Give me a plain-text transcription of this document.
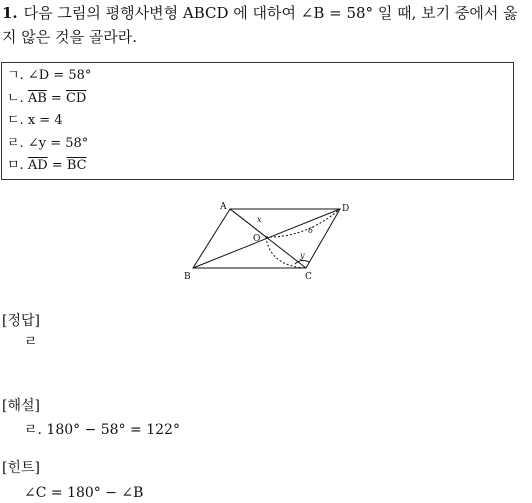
1. 다음 그림의 평행사변형 ABCD 에 대하여 ∠B = 58° 일 때, 보기 중에서 옳지 않은 것을 골라라.
ㄱ. ∠D = 58°
ㄴ. $\overline{AB} = \overline{CD}$
ㄷ. x = 4
ㄹ. ∠y = 58°
ㅁ. $\overline{AD} = \overline{BC}$
A	D
B	C
O
x
6
y
[정답]
ㄹ
[해설]
ㄹ. 180° − 58° = 122°
[힌트]
∠C = 180° − ∠B
